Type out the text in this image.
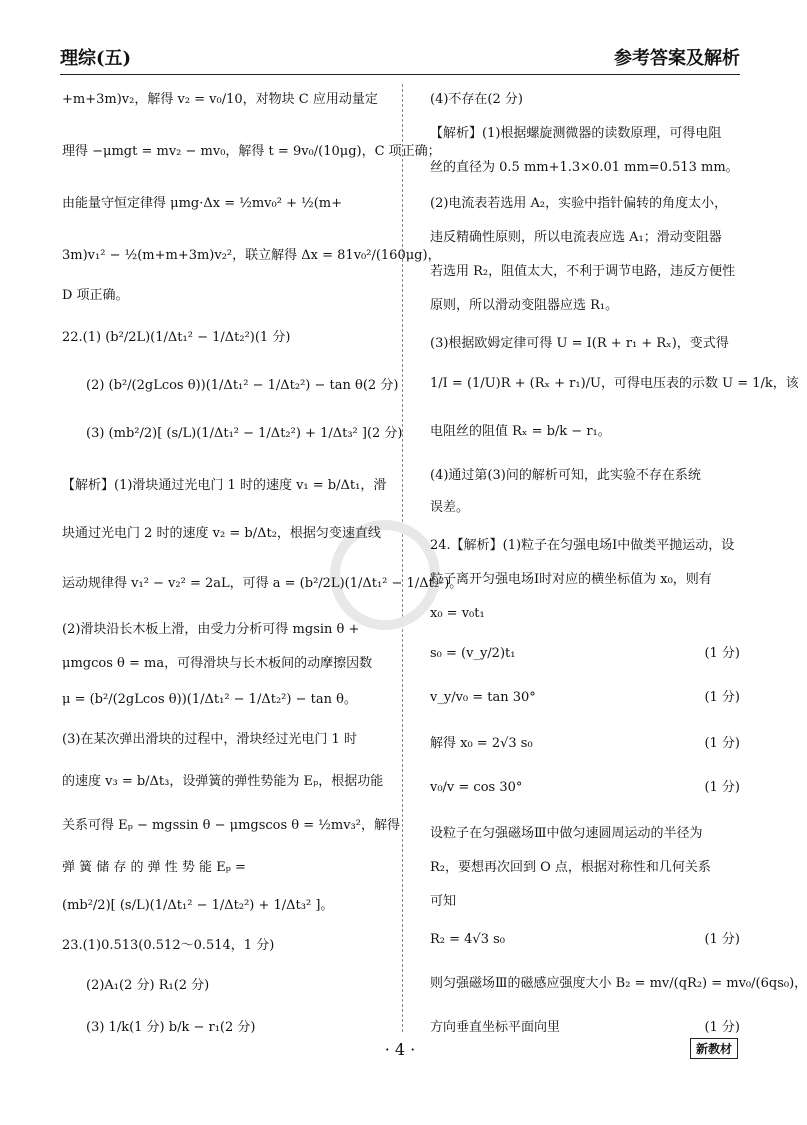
理综(五)	参考答案及解析
+m+3m)v₂，解得 v₂ = v₀/10，对物块 C 应用动量定
理得 −μmgt = mv₂ − mv₀，解得 t = 9v₀/(10μg)，C 项正确；
由能量守恒定律得 μmg·Δx = ½mv₀² + ½(m+
3m)v₁² − ½(m+m+3m)v₂²，联立解得 Δx = 81v₀²/(160μg)，
D 项正确。
22.(1) (b²/2L)(1/Δt₁² − 1/Δt₂²)(1 分)
(2) (b²/(2gLcos θ))(1/Δt₁² − 1/Δt₂²) − tan θ(2 分)
(3) (mb²/2)[ (s/L)(1/Δt₁² − 1/Δt₂²) + 1/Δt₃² ](2 分)
【解析】(1)滑块通过光电门 1 时的速度 v₁ = b/Δt₁，滑
块通过光电门 2 时的速度 v₂ = b/Δt₂，根据匀变速直线
运动规律得 v₁² − v₂² = 2aL，可得 a = (b²/2L)(1/Δt₁² − 1/Δt₂²)。
(2)滑块沿长木板上滑，由受力分析可得 mgsin θ +
μmgcos θ = ma，可得滑块与长木板间的动摩擦因数
μ = (b²/(2gLcos θ))(1/Δt₁² − 1/Δt₂²) − tan θ。
(3)在某次弹出滑块的过程中，滑块经过光电门 1 时
的速度 v₃ = b/Δt₃，设弹簧的弹性势能为 Eₚ，根据功能
关系可得 Eₚ − mgssin θ − μmgscos θ = ½mv₃²，解得
弹 簧 储 存 的 弹 性 势 能 Eₚ =
(mb²/2)[ (s/L)(1/Δt₁² − 1/Δt₂²) + 1/Δt₃² ]。
23.(1)0.513(0.512～0.514，1 分)
(2)A₁(2 分) R₁(2 分)
(3) 1/k(1 分) b/k − r₁(2 分)
(4)不存在(2 分)
【解析】(1)根据螺旋测微器的读数原理，可得电阻
丝的直径为 0.5 mm+1.3×0.01 mm=0.513 mm。
(2)电流表若选用 A₂，实验中指针偏转的角度太小，
违反精确性原则，所以电流表应选 A₁；滑动变阻器
若选用 R₂，阻值太大，不利于调节电路，违反方便性
原则，所以滑动变阻器应选 R₁。
(3)根据欧姆定律可得 U = I(R + r₁ + Rₓ)，变式得
1/I = (1/U)R + (Rₓ + r₁)/U，可得电压表的示数 U = 1/k，该
电阻丝的阻值 Rₓ = b/k − r₁。
(4)通过第(3)问的解析可知，此实验不存在系统
误差。
24.【解析】(1)粒子在匀强电场Ⅰ中做类平抛运动，设
粒子离开匀强电场Ⅰ时对应的横坐标值为 x₀，则有
x₀ = v₀t₁
s₀ = (v_y/2)t₁	(1 分)
v_y/v₀ = tan 30°	(1 分)
解得 x₀ = 2√3 s₀	(1 分)
v₀/v = cos 30°	(1 分)
设粒子在匀强磁场Ⅲ中做匀速圆周运动的半径为
R₂，要想再次回到 O 点，根据对称性和几何关系
可知
R₂ = 4√3 s₀	(1 分)
则匀强磁场Ⅲ的磁感应强度大小 B₂ = mv/(qR₂) = mv₀/(6qs₀)，
方向垂直坐标平面向里	(1 分)
· 4 ·	新教材
